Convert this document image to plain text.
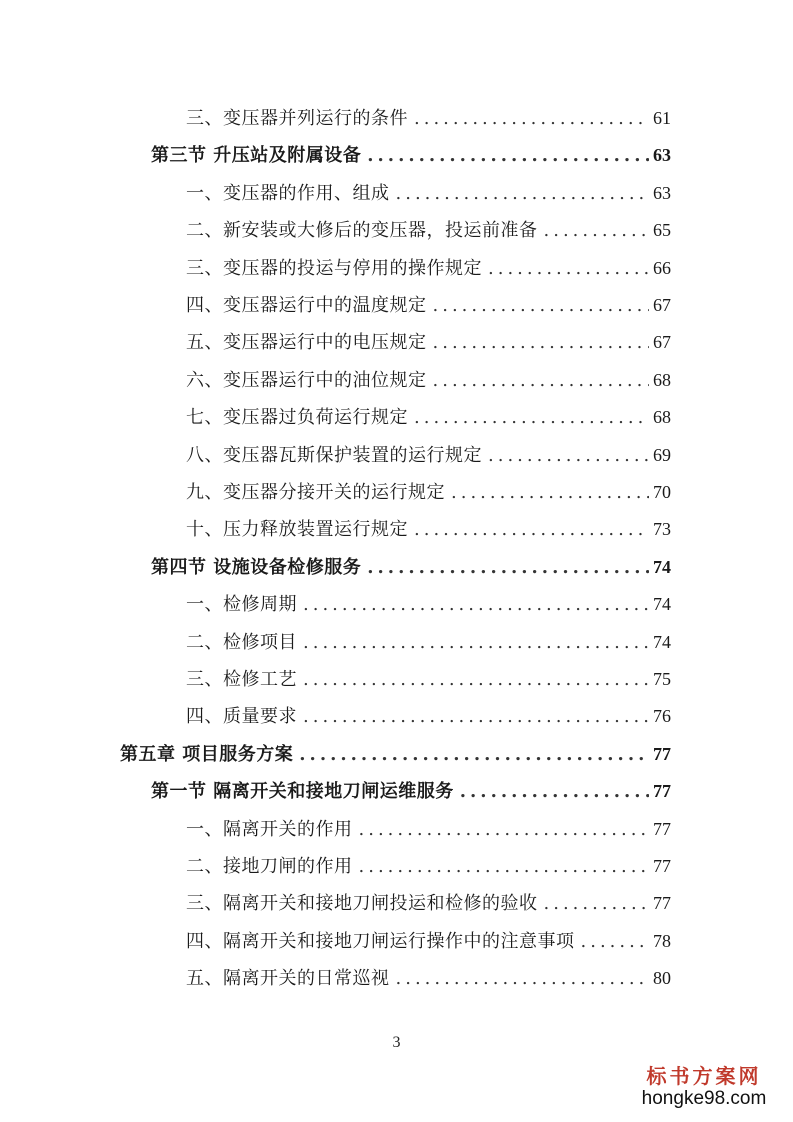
三、变压器并列运行的条件 .....	61
第三节 升压站及附属设备 .....	63
一、变压器的作用、组成 .....	63
二、新安装或大修后的变压器，投运前准备 .....	65
三、变压器的投运与停用的操作规定 .....	66
四、变压器运行中的温度规定 .....	67
五、变压器运行中的电压规定 .....	67
六、变压器运行中的油位规定 .....	68
七、变压器过负荷运行规定 .....	68
八、变压器瓦斯保护装置的运行规定 .....	69
九、变压器分接开关的运行规定 .....	70
十、压力释放装置运行规定 .....	73
第四节 设施设备检修服务 .....	74
一、检修周期 .....	74
二、检修项目 .....	74
三、检修工艺 .....	75
四、质量要求 .....	76
第五章 项目服务方案 .....	77
第一节 隔离开关和接地刀闸运维服务 .....	77
一、隔离开关的作用 .....	77
二、接地刀闸的作用 .....	77
三、隔离开关和接地刀闸投运和检修的验收 .....	77
四、隔离开关和接地刀闸运行操作中的注意事项 .....	78
五、隔离开关的日常巡视 .....	80
3
标书方案网
hongke98.com
